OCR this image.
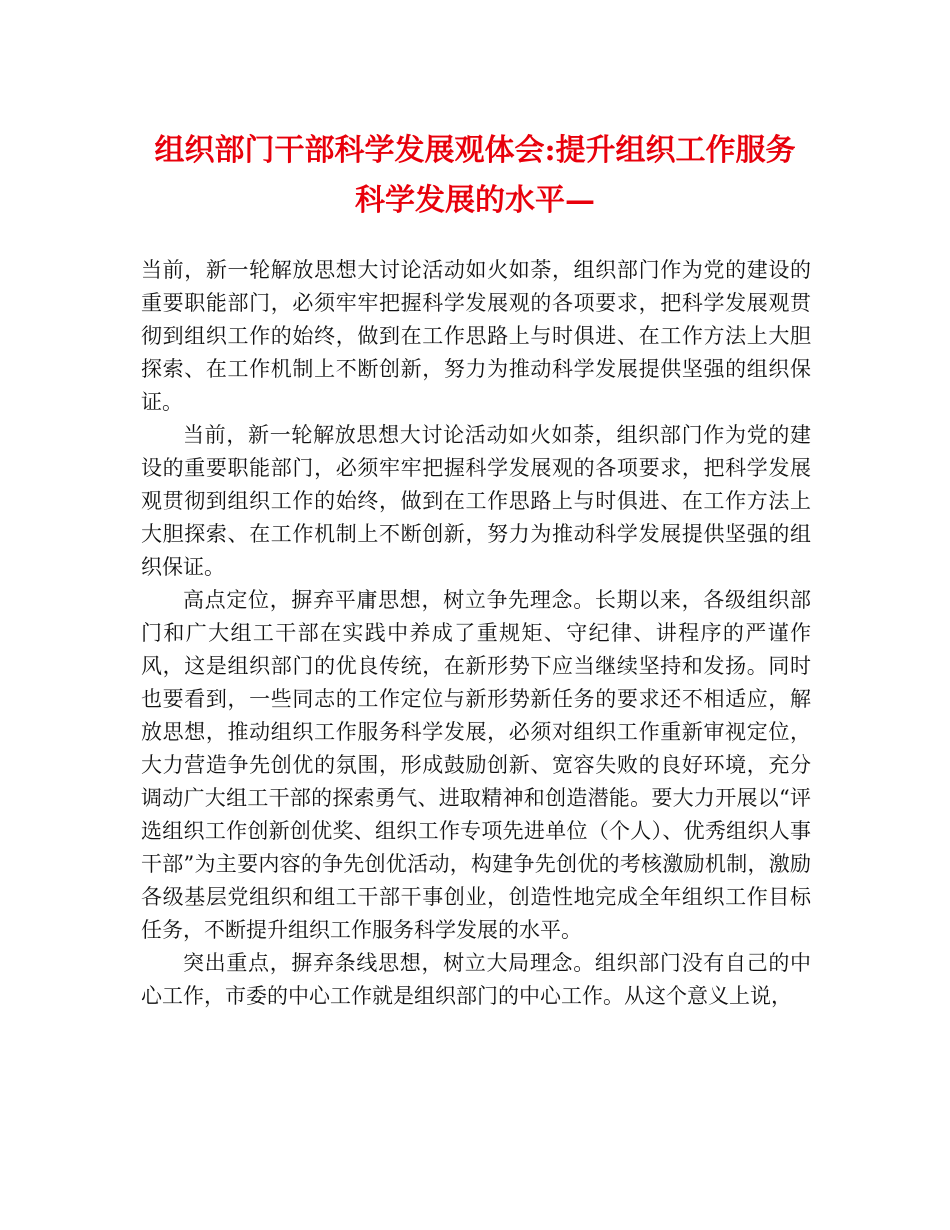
组织部门干部科学发展观体会:提升组织工作服务科学发展的水平—

当前，新一轮解放思想大讨论活动如火如荼，组织部门作为党的建设的重要职能部门，必须牢牢把握科学发展观的各项要求，把科学发展观贯彻到组织工作的始终，做到在工作思路上与时俱进、在工作方法上大胆探索、在工作机制上不断创新，努力为推动科学发展提供坚强的组织保证。

当前，新一轮解放思想大讨论活动如火如荼，组织部门作为党的建设的重要职能部门，必须牢牢把握科学发展观的各项要求，把科学发展观贯彻到组织工作的始终，做到在工作思路上与时俱进、在工作方法上大胆探索、在工作机制上不断创新，努力为推动科学发展提供坚强的组织保证。

高点定位，摒弃平庸思想，树立争先理念。长期以来，各级组织部门和广大组工干部在实践中养成了重规矩、守纪律、讲程序的严谨作风，这是组织部门的优良传统，在新形势下应当继续坚持和发扬。同时也要看到，一些同志的工作定位与新形势新任务的要求还不相适应，解放思想，推动组织工作服务科学发展，必须对组织工作重新审视定位，大力营造争先创优的氛围，形成鼓励创新、宽容失败的良好环境，充分调动广大组工干部的探索勇气、进取精神和创造潜能。要大力开展以“评选组织工作创新创优奖、组织工作专项先进单位（个人）、优秀组织人事干部”为主要内容的争先创优活动，构建争先创优的考核激励机制，激励各级基层党组织和组工干部干事创业，创造性地完成全年组织工作目标任务，不断提升组织工作服务科学发展的水平。

突出重点，摒弃条线思想，树立大局理念。组织部门没有自己的中心工作，市委的中心工作就是组织部门的中心工作。从这个意义上说，
